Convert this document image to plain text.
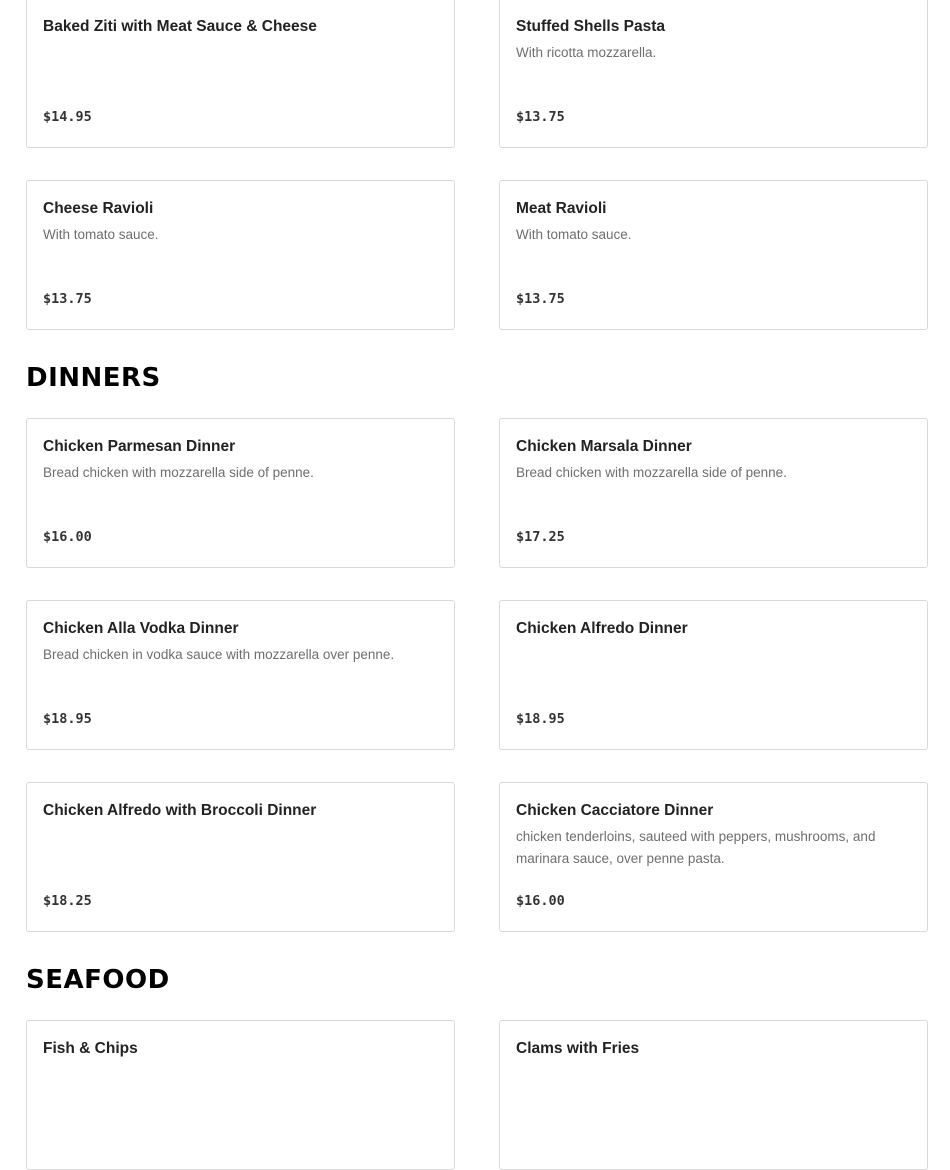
Baked Ziti with Meat Sauce & Cheese

$14.95

Stuffed Shells Pasta

With ricotta mozzarella.
$13.75

Cheese Ravioli

With tomato sauce.
$13.75

Meat Ravioli

With tomato sauce.
$13.75
DINNERS

Chicken Parmesan Dinner

Bread chicken with mozzarella side of penne.
$16.00

Chicken Marsala Dinner

Bread chicken with mozzarella side of penne.
$17.25

Chicken Alla Vodka Dinner

Bread chicken in vodka sauce with mozzarella over penne.
$18.95

Chicken Alfredo Dinner

$18.95

Chicken Alfredo with Broccoli Dinner

$18.25

Chicken Cacciatore Dinner

chicken tenderloins, sauteed with peppers, mushrooms, and marinara sauce, over penne pasta.
$16.00
SEAFOOD

Fish & Chips	Clams with Fries
